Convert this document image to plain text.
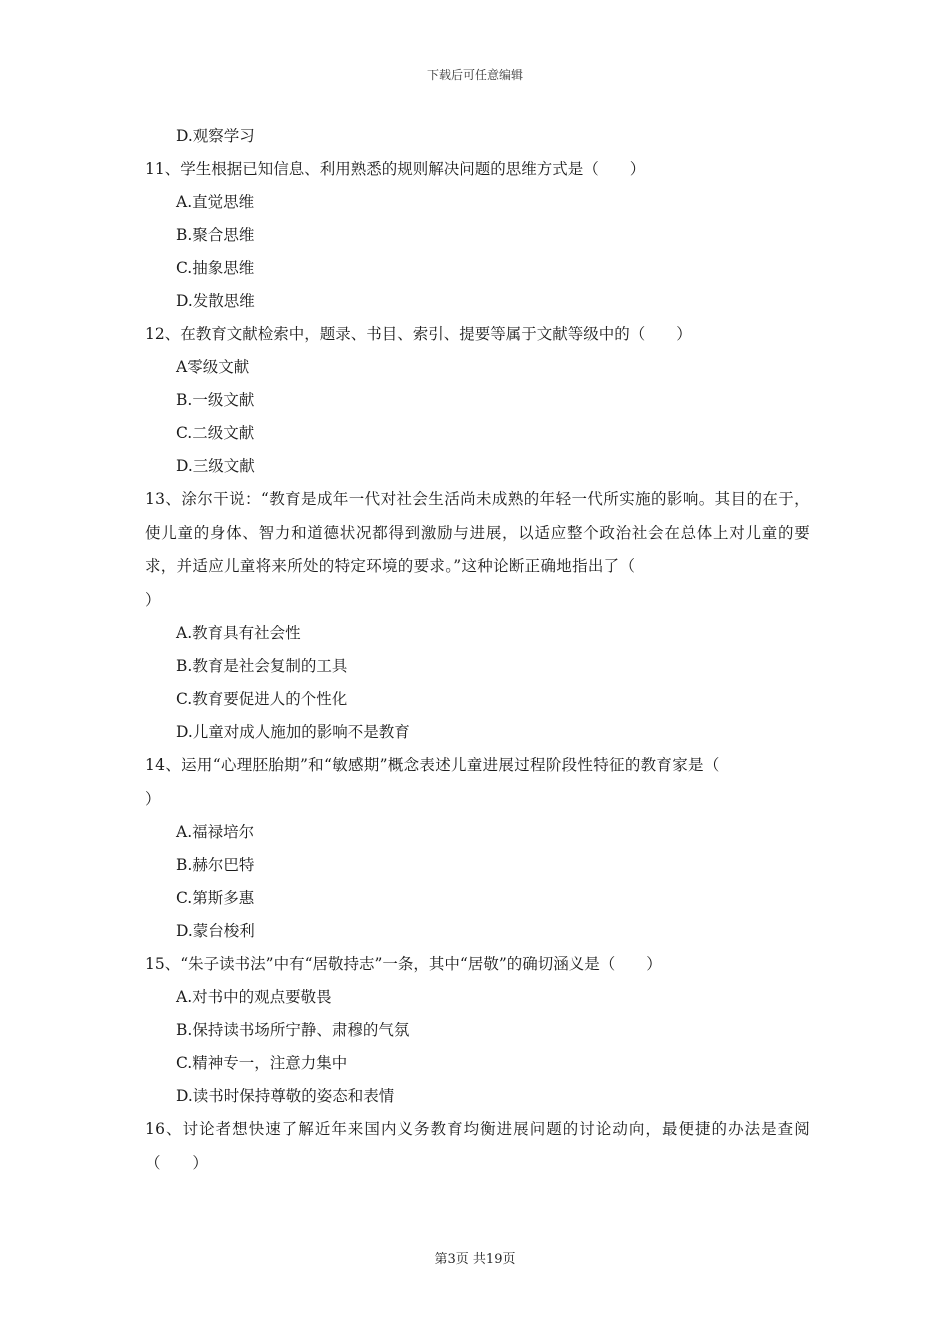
下载后可任意编辑
D.观察学习
11、学生根据已知信息、利用熟悉的规则解决问题的思维方式是（　　）
A.直觉思维
B.聚合思维
C.抽象思维
D.发散思维
12、在教育文献检索中，题录、书目、索引、提要等属于文献等级中的（　　）
A零级文献
B.一级文献
C.二级文献
D.三级文献
13、涂尔干说：“教育是成年一代对社会生活尚未成熟的年轻一代所实施的影响。其目的在于，使儿童的身体、智力和道德状况都得到激励与进展，以适应整个政治社会在总体上对儿童的要求，并适应儿童将来所处的特定环境的要求。”这种论断正确地指出了（
）
A.教育具有社会性
B.教育是社会复制的工具
C.教育要促进人的个性化
D.儿童对成人施加的影响不是教育
14、运用“心理胚胎期”和“敏感期”概念表述儿童进展过程阶段性特征的教育家是（
）
A.福禄培尔
B.赫尔巴特
C.第斯多惠
D.蒙台梭利
15、“朱子读书法”中有“居敬持志”一条，其中“居敬”的确切涵义是（　　）
A.对书中的观点要敬畏
B.保持读书场所宁静、肃穆的气氛
C.精神专一，注意力集中
D.读书时保持尊敬的姿态和表情
16、讨论者想快速了解近年来国内义务教育均衡进展问题的讨论动向，最便捷的办法是查阅（　　）
第3页 共19页
